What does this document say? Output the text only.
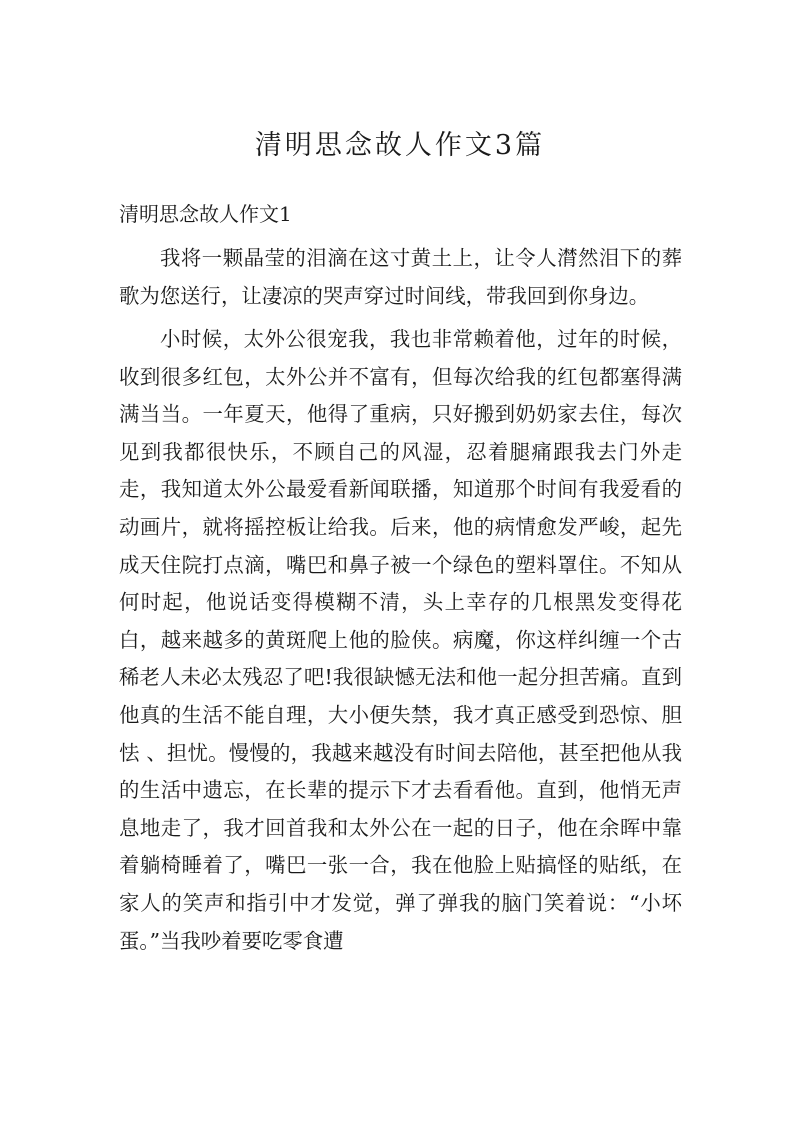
清明思念故人作文3篇
清明思念故人作文1

我将一颗晶莹的泪滴在这寸黄土上，让令人潸然泪下的葬歌为您送行，让凄凉的哭声穿过时间线，带我回到你身边。

小时候，太外公很宠我，我也非常赖着他，过年的时候，收到很多红包，太外公并不富有，但每次给我的红包都塞得满满当当。一年夏天，他得了重病，只好搬到奶奶家去住，每次见到我都很快乐，不顾自己的风湿，忍着腿痛跟我去门外走走，我知道太外公最爱看新闻联播，知道那个时间有我爱看的动画片，就将摇控板让给我。后来，他的病情愈发严峻，起先成天住院打点滴，嘴巴和鼻子被一个绿色的塑料罩住。不知从何时起，他说话变得模糊不清，头上幸存的几根黑发变得花白，越来越多的黄斑爬上他的脸侠。病魔，你这样纠缠一个古稀老人未必太残忍了吧!我很缺憾无法和他一起分担苦痛。直到他真的生活不能自理，大小便失禁，我才真正感受到恐惊、胆怯 、担忧。慢慢的，我越来越没有时间去陪他，甚至把他从我的生活中遗忘，在长辈的提示下才去看看他。直到，他悄无声息地走了，我才回首我和太外公在一起的日子，他在余晖中靠着躺椅睡着了，嘴巴一张一合，我在他脸上贴搞怪的贴纸，在家人的笑声和指引中才发觉，弹了弹我的脑门笑着说：“小坏蛋。”当我吵着要吃零食遭
